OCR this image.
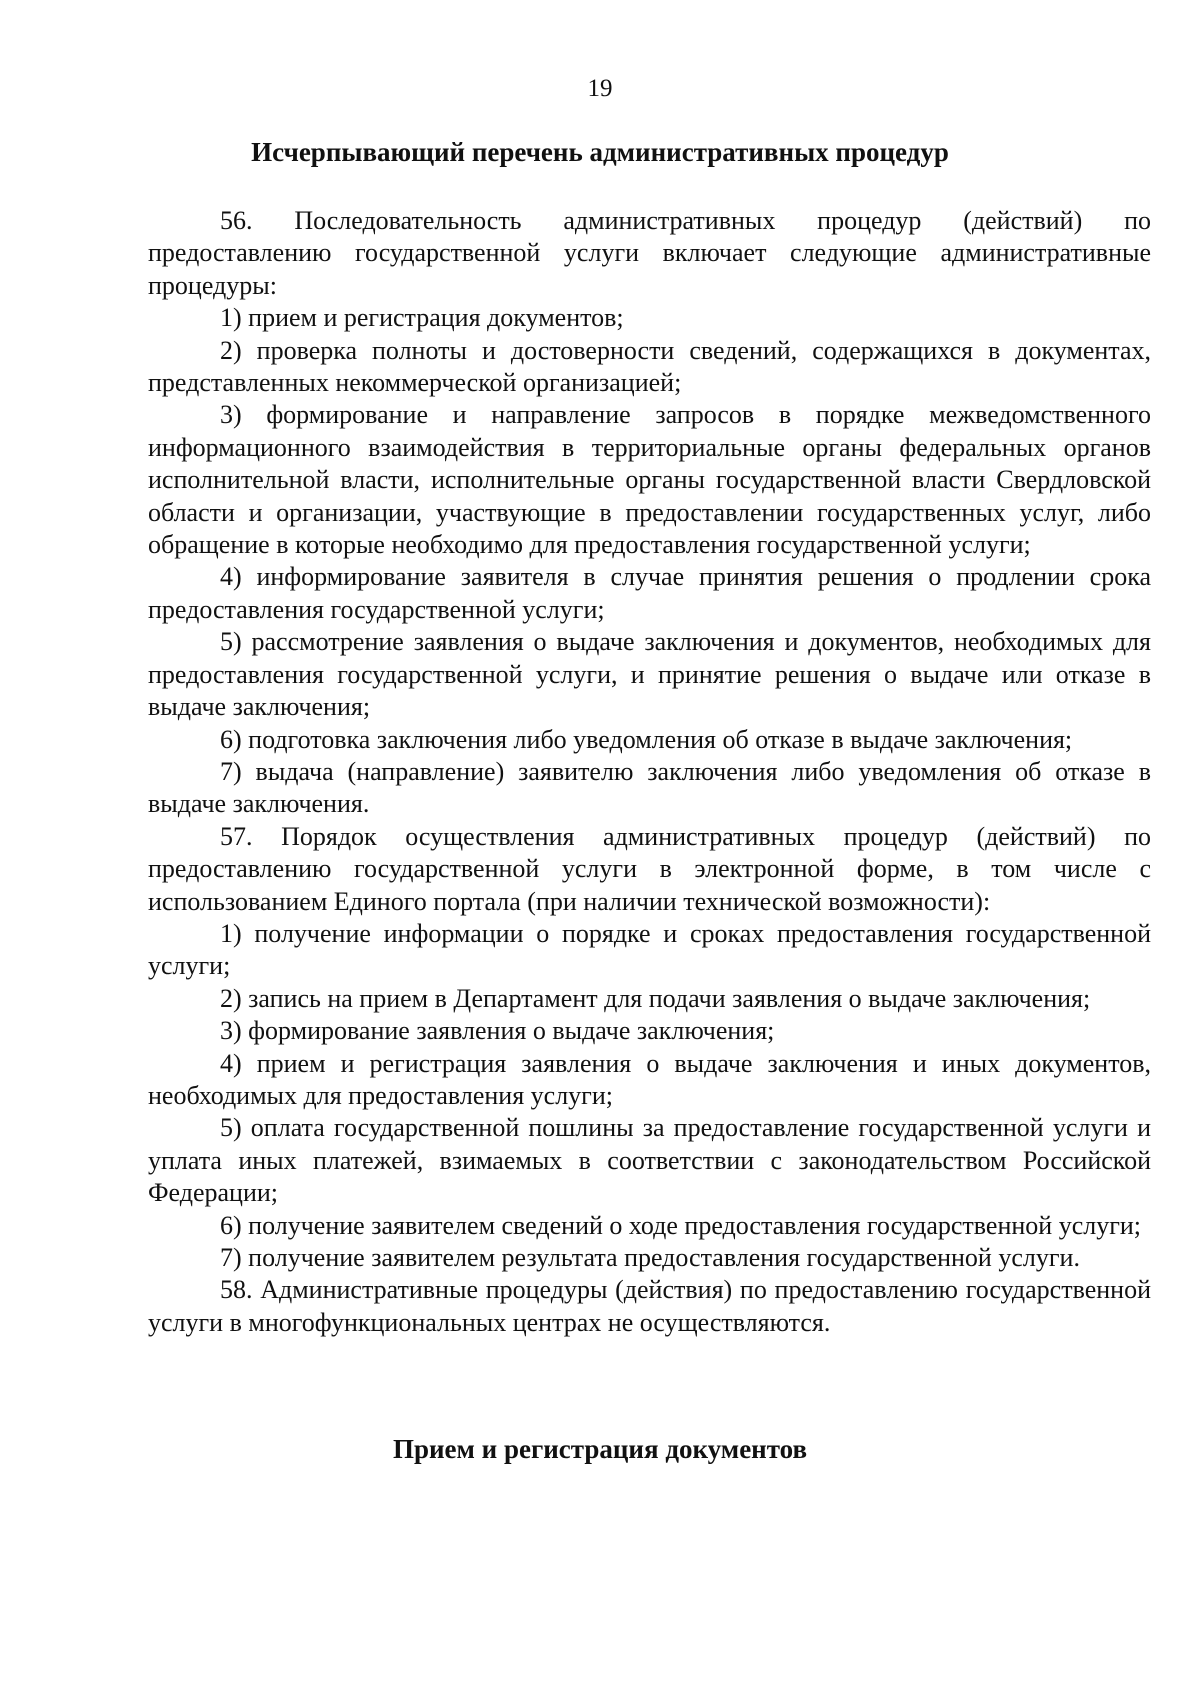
19
Исчерпывающий перечень административных процедур

56. Последовательность административных процедур (действий) по предоставлению государственной услуги включает следующие административные процедуры:

1) прием и регистрация документов;

2) проверка полноты и достоверности сведений, содержащихся в документах, представленных некоммерческой организацией;

3) формирование и направление запросов в порядке межведомственного информационного взаимодействия в территориальные органы федеральных органов исполнительной власти, исполнительные органы государственной власти Свердловской области и организации, участвующие в предоставлении государственных услуг, либо обращение в которые необходимо для предоставления государственной услуги;

4) информирование заявителя в случае принятия решения о продлении срока предоставления государственной услуги;

5) рассмотрение заявления о выдаче заключения и документов, необходимых для предоставления государственной услуги, и принятие решения о выдаче или отказе в выдаче заключения;

6) подготовка заключения либо уведомления об отказе в выдаче заключения;

7) выдача (направление) заявителю заключения либо уведомления об отказе в выдаче заключения.

57. Порядок осуществления административных процедур (действий) по предоставлению государственной услуги в электронной форме, в том числе с использованием Единого портала (при наличии технической возможности):

1) получение информации о порядке и сроках предоставления государственной услуги;

2) запись на прием в Департамент для подачи заявления о выдаче заключения;

3) формирование заявления о выдаче заключения;

4) прием и регистрация заявления о выдаче заключения и иных документов, необходимых для предоставления услуги;

5) оплата государственной пошлины за предоставление государственной услуги и уплата иных платежей, взимаемых в соответствии с законодательством Российской Федерации;

6) получение заявителем сведений о ходе предоставления государственной услуги;

7) получение заявителем результата предоставления государственной услуги.

58. Административные процедуры (действия) по предоставлению государственной услуги в многофункциональных центрах не осуществляются.

Прием и регистрация документов
